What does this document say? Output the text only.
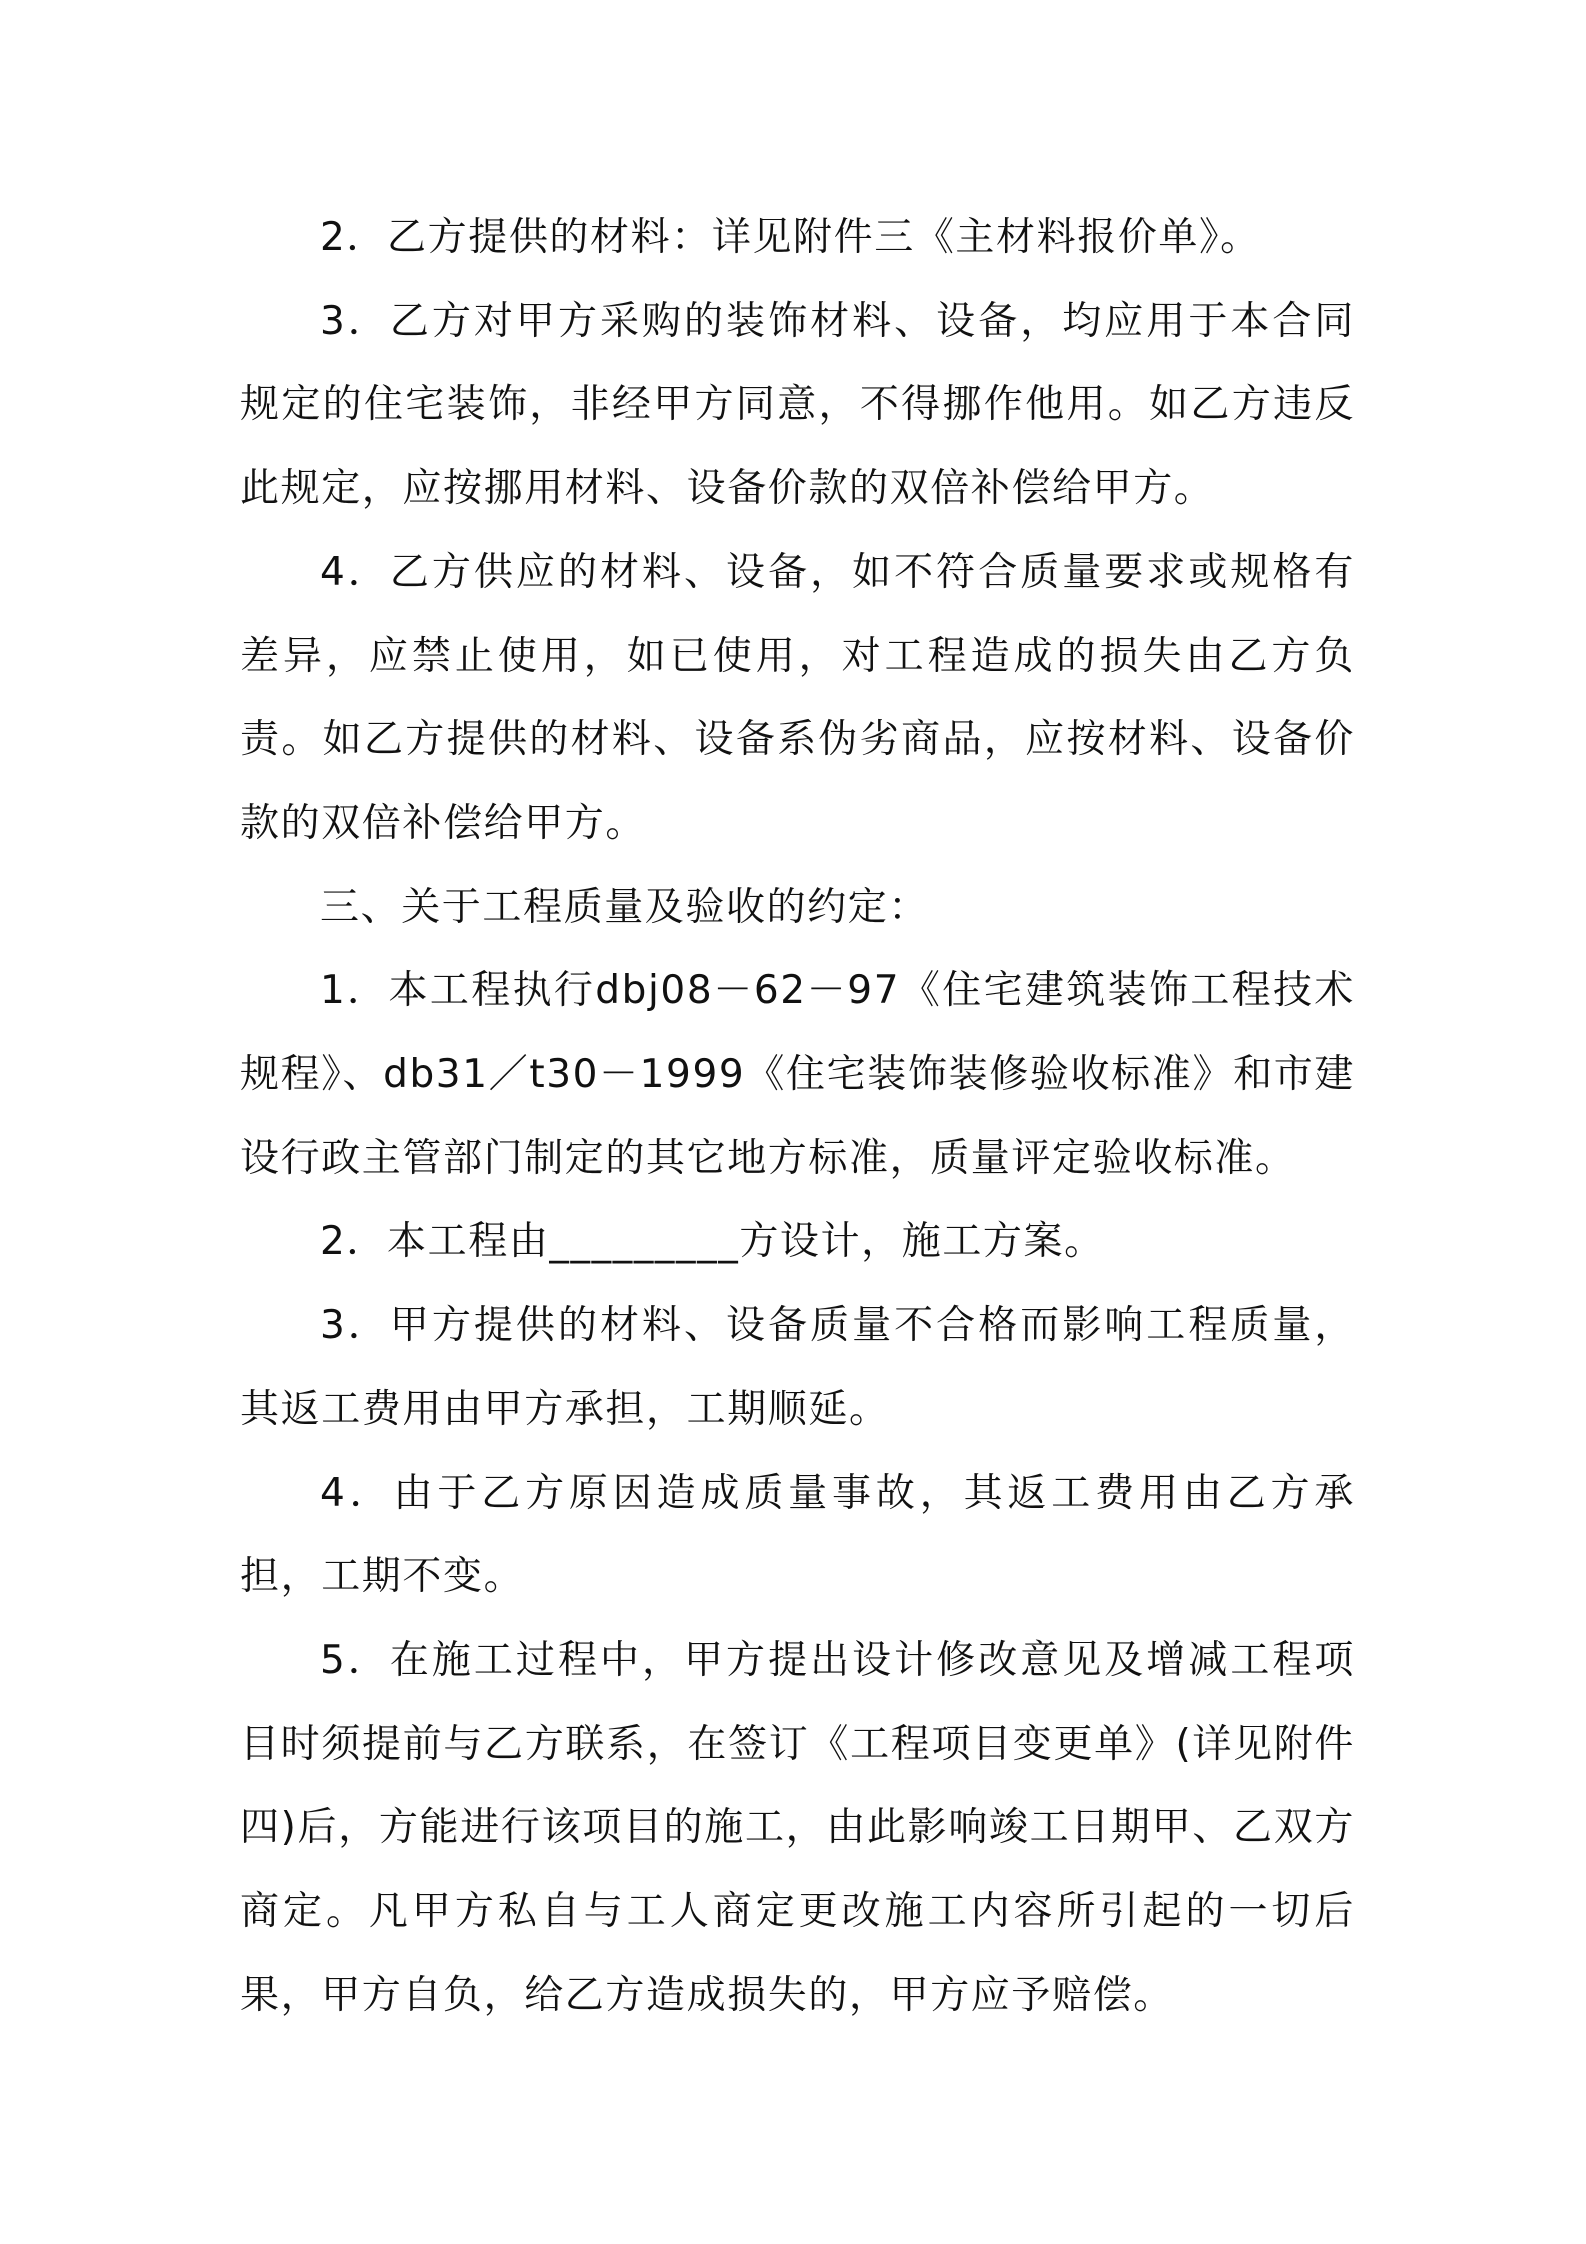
2．乙方提供的材料：详见附件三《主材料报价单》。

3．乙方对甲方采购的装饰材料、设备，均应用于本合同规定的住宅装饰，非经甲方同意，不得挪作他用。如乙方违反此规定，应按挪用材料、设备价款的双倍补偿给甲方。

4．乙方供应的材料、设备，如不符合质量要求或规格有差异，应禁止使用，如已使用，对工程造成的损失由乙方负责。如乙方提供的材料、设备系伪劣商品，应按材料、设备价款的双倍补偿给甲方。

三、关于工程质量及验收的约定：

1．本工程执行dbj08－62－97《住宅建筑装饰工程技术规程》、db31／t30－1999《住宅装饰装修验收标准》和市建设行政主管部门制定的其它地方标准，质量评定验收标准。

2．本工程由_________方设计，施工方案。

3．甲方提供的材料、设备质量不合格而影响工程质量，其返工费用由甲方承担，工期顺延。

4．由于乙方原因造成质量事故，其返工费用由乙方承担，工期不变。

5．在施工过程中，甲方提出设计修改意见及增减工程项目时须提前与乙方联系，在签订《工程项目变更单》(详见附件四)后，方能进行该项目的施工，由此影响竣工日期甲、乙双方商定。凡甲方私自与工人商定更改施工内容所引起的一切后果，甲方自负，给乙方造成损失的，甲方应予赔偿。
